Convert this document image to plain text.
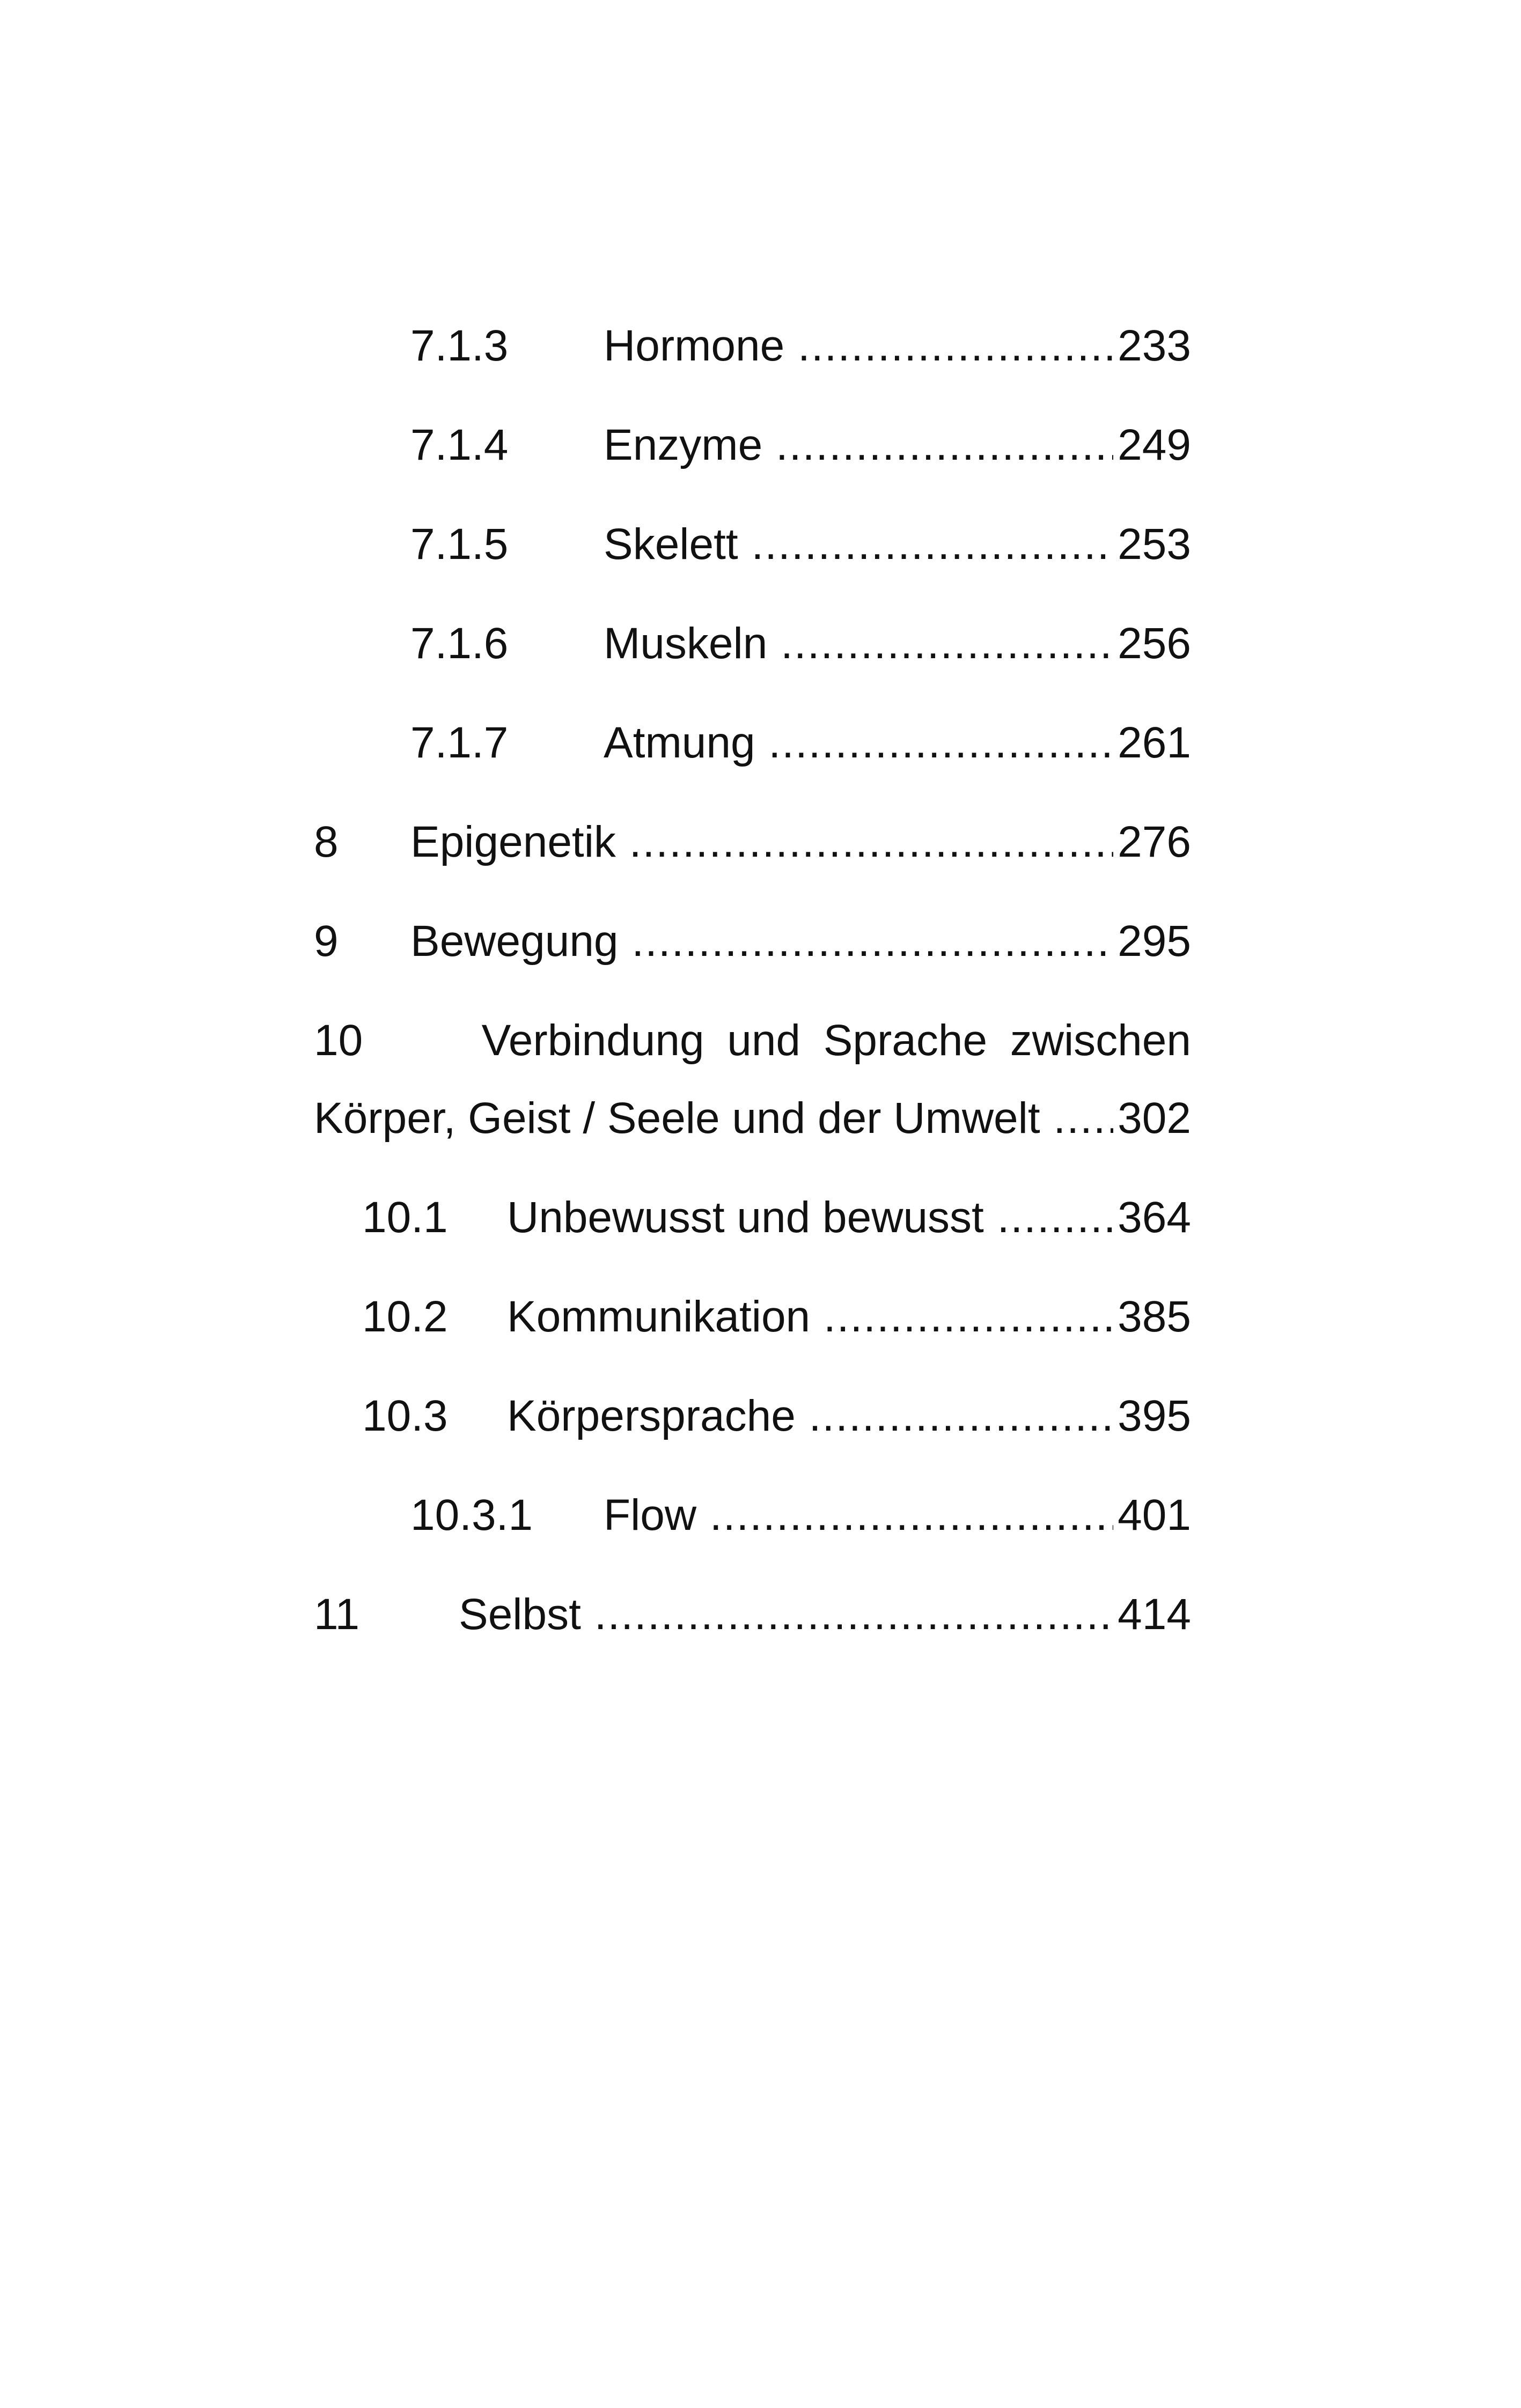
7.1.3 Hormone .....	233
7.1.4 Enzyme .....	249
7.1.5 Skelett .....	253
7.1.6 Muskeln .....	256
7.1.7 Atmung .....	261
8 Epigenetik .....	276
9 Bewegung .....	295
10	Verbindung und Sprache zwischen
Körper, Geist / Seele und der Umwelt .....	302
10.1 Unbewusst und bewusst .....	364
10.2 Kommunikation .....	385
10.3 Körpersprache .....	395
10.3.1 Flow .....	401
11 Selbst .....	414
